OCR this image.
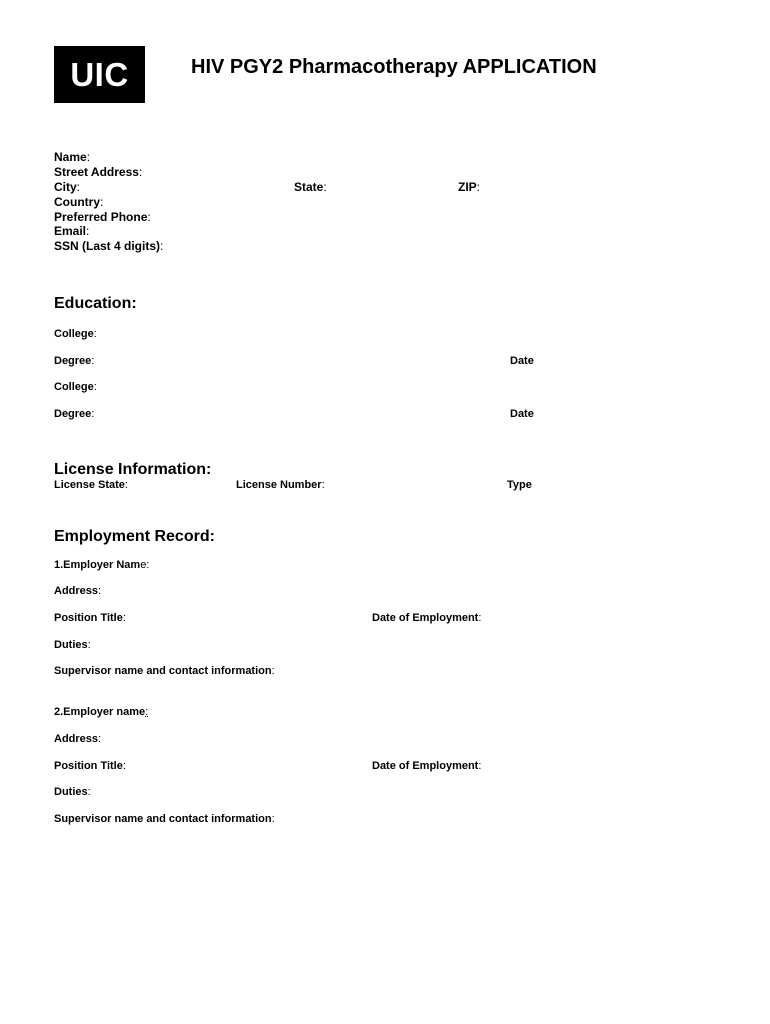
UIC	HIV PGY2 Pharmacotherapy APPLICATION
Name:
Street Address:
City:	State:	ZIP:
Country:
Preferred Phone:
Email:
SSN (Last 4 digits):
Education:
College:
Degree:	Date
College:
Degree:	Date
License Information:
License State:	License Number:	Type
Employment Record:
1.Employer Name:
Address:
Position Title:	Date of Employment:
Duties:
Supervisor name and contact information:
2.Employer name:
Address:
Position Title:	Date of Employment:
Duties:
Supervisor name and contact information:
